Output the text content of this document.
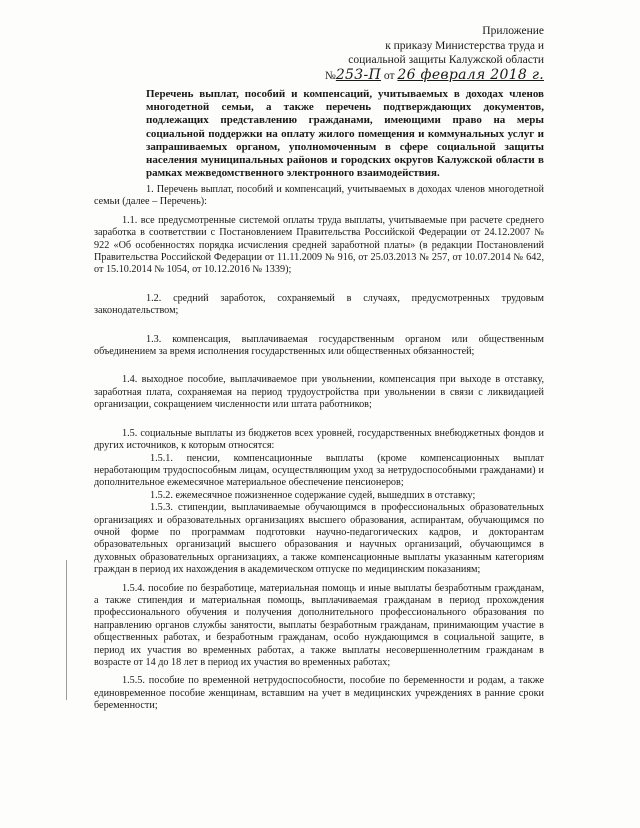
Приложение
к приказу Министерства труда и
социальной защиты Калужской области
№253-П от 26 февраля 2018 г.
Перечень выплат, пособий и компенсаций, учитываемых в доходах членов многодетной семьи, а также перечень подтверждающих документов, подлежащих представлению гражданами, имеющими право на меры социальной поддержки на оплату жилого помещения и коммунальных услуг и запрашиваемых органом, уполномоченным в сфере социальной защиты населения муниципальных районов и городских округов Калужской области в рамках межведомственного электронного взаимодействия.

1. Перечень выплат, пособий и компенсаций, учитываемых в доходах членов многодетной семьи (далее – Перечень):

1.1. все предусмотренные системой оплаты труда выплаты, учитываемые при расчете среднего заработка в соответствии с Постановлением Правительства Российской Федерации от 24.12.2007 № 922 «Об особенностях порядка исчисления средней заработной платы» (в редакции Постановлений Правительства Российской Федерации от 11.11.2009 № 916, от 25.03.2013 № 257, от 10.07.2014 № 642, от 15.10.2014 № 1054, от 10.12.2016 № 1339);

1.2. средний заработок, сохраняемый в случаях, предусмотренных трудовым законодательством;

1.3. компенсация, выплачиваемая государственным органом или общественным объединением за время исполнения государственных или общественных обязанностей;

1.4. выходное пособие, выплачиваемое при увольнении, компенсация при выходе в отставку, заработная плата, сохраняемая на период трудоустройства при увольнении в связи с ликвидацией организации, сокращением численности или штата работников;

1.5. социальные выплаты из бюджетов всех уровней, государственных внебюджетных фондов и других источников, к которым относятся:

1.5.1. пенсии, компенсационные выплаты (кроме компенсационных выплат неработающим трудоспособным лицам, осуществляющим уход за нетрудоспособными гражданами) и дополнительное ежемесячное материальное обеспечение пенсионеров;

1.5.2. ежемесячное пожизненное содержание судей, вышедших в отставку;

1.5.3. стипендии, выплачиваемые обучающимся в профессиональных образовательных организациях и образовательных организациях высшего образования, аспирантам, обучающимся по очной форме по программам подготовки научно-педагогических кадров, и докторантам образовательных организаций высшего образования и научных организаций, обучающимся в духовных образовательных организациях, а также компенсационные выплаты указанным категориям граждан в период их нахождения в академическом отпуске по медицинским показаниям;

1.5.4. пособие по безработице, материальная помощь и иные выплаты безработным гражданам, а также стипендия и материальная помощь, выплачиваемая гражданам в период прохождения профессионального обучения и получения дополнительного профессионального образования по направлению органов службы занятости, выплаты безработным гражданам, принимающим участие в общественных работах, и безработным гражданам, особо нуждающимся в социальной защите, в период их участия во временных работах, а также выплаты несовершеннолетним гражданам в возрасте от 14 до 18 лет в период их участия во временных работах;

1.5.5. пособие по временной нетрудоспособности, пособие по беременности и родам, а также единовременное пособие женщинам, вставшим на учет в медицинских учреждениях в ранние сроки беременности;
